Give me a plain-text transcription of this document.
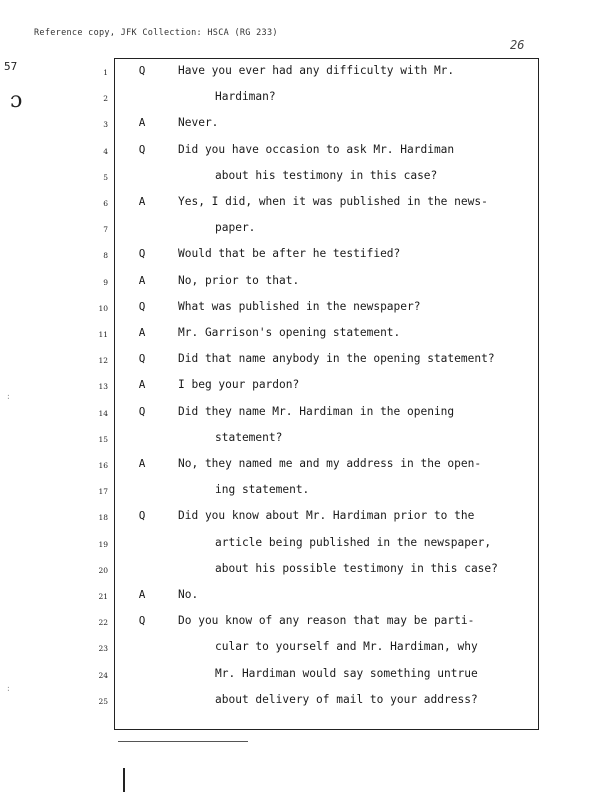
Reference copy, JFK Collection: HSCA (RG 233)
57
26
ɔ
:
:
1	Q	Have you ever had any difficulty with Mr.
2	Hardiman?
3	A	Never.
4	Q	Did you have occasion to ask Mr. Hardiman
5	about his testimony in this case?
6	A	Yes, I did, when it was published in the news-
7	paper.
8	Q	Would that be after he testified?
9	A	No, prior to that.
10	Q	What was published in the newspaper?
11	A	Mr. Garrison's opening statement.
12	Q	Did that name anybody in the opening statement?
13	A	I beg your pardon?
14	Q	Did they name Mr. Hardiman in the opening
15	statement?
16	A	No, they named me and my address in the open-
17	ing statement.
18	Q	Did you know about Mr. Hardiman prior to the
19	article being published in the newspaper,
20	about his possible testimony in this case?
21	A	No.
22	Q	Do you know of any reason that may be parti-
23	cular to yourself and Mr. Hardiman, why
24	Mr. Hardiman would say something untrue
25	about delivery of mail to your address?
